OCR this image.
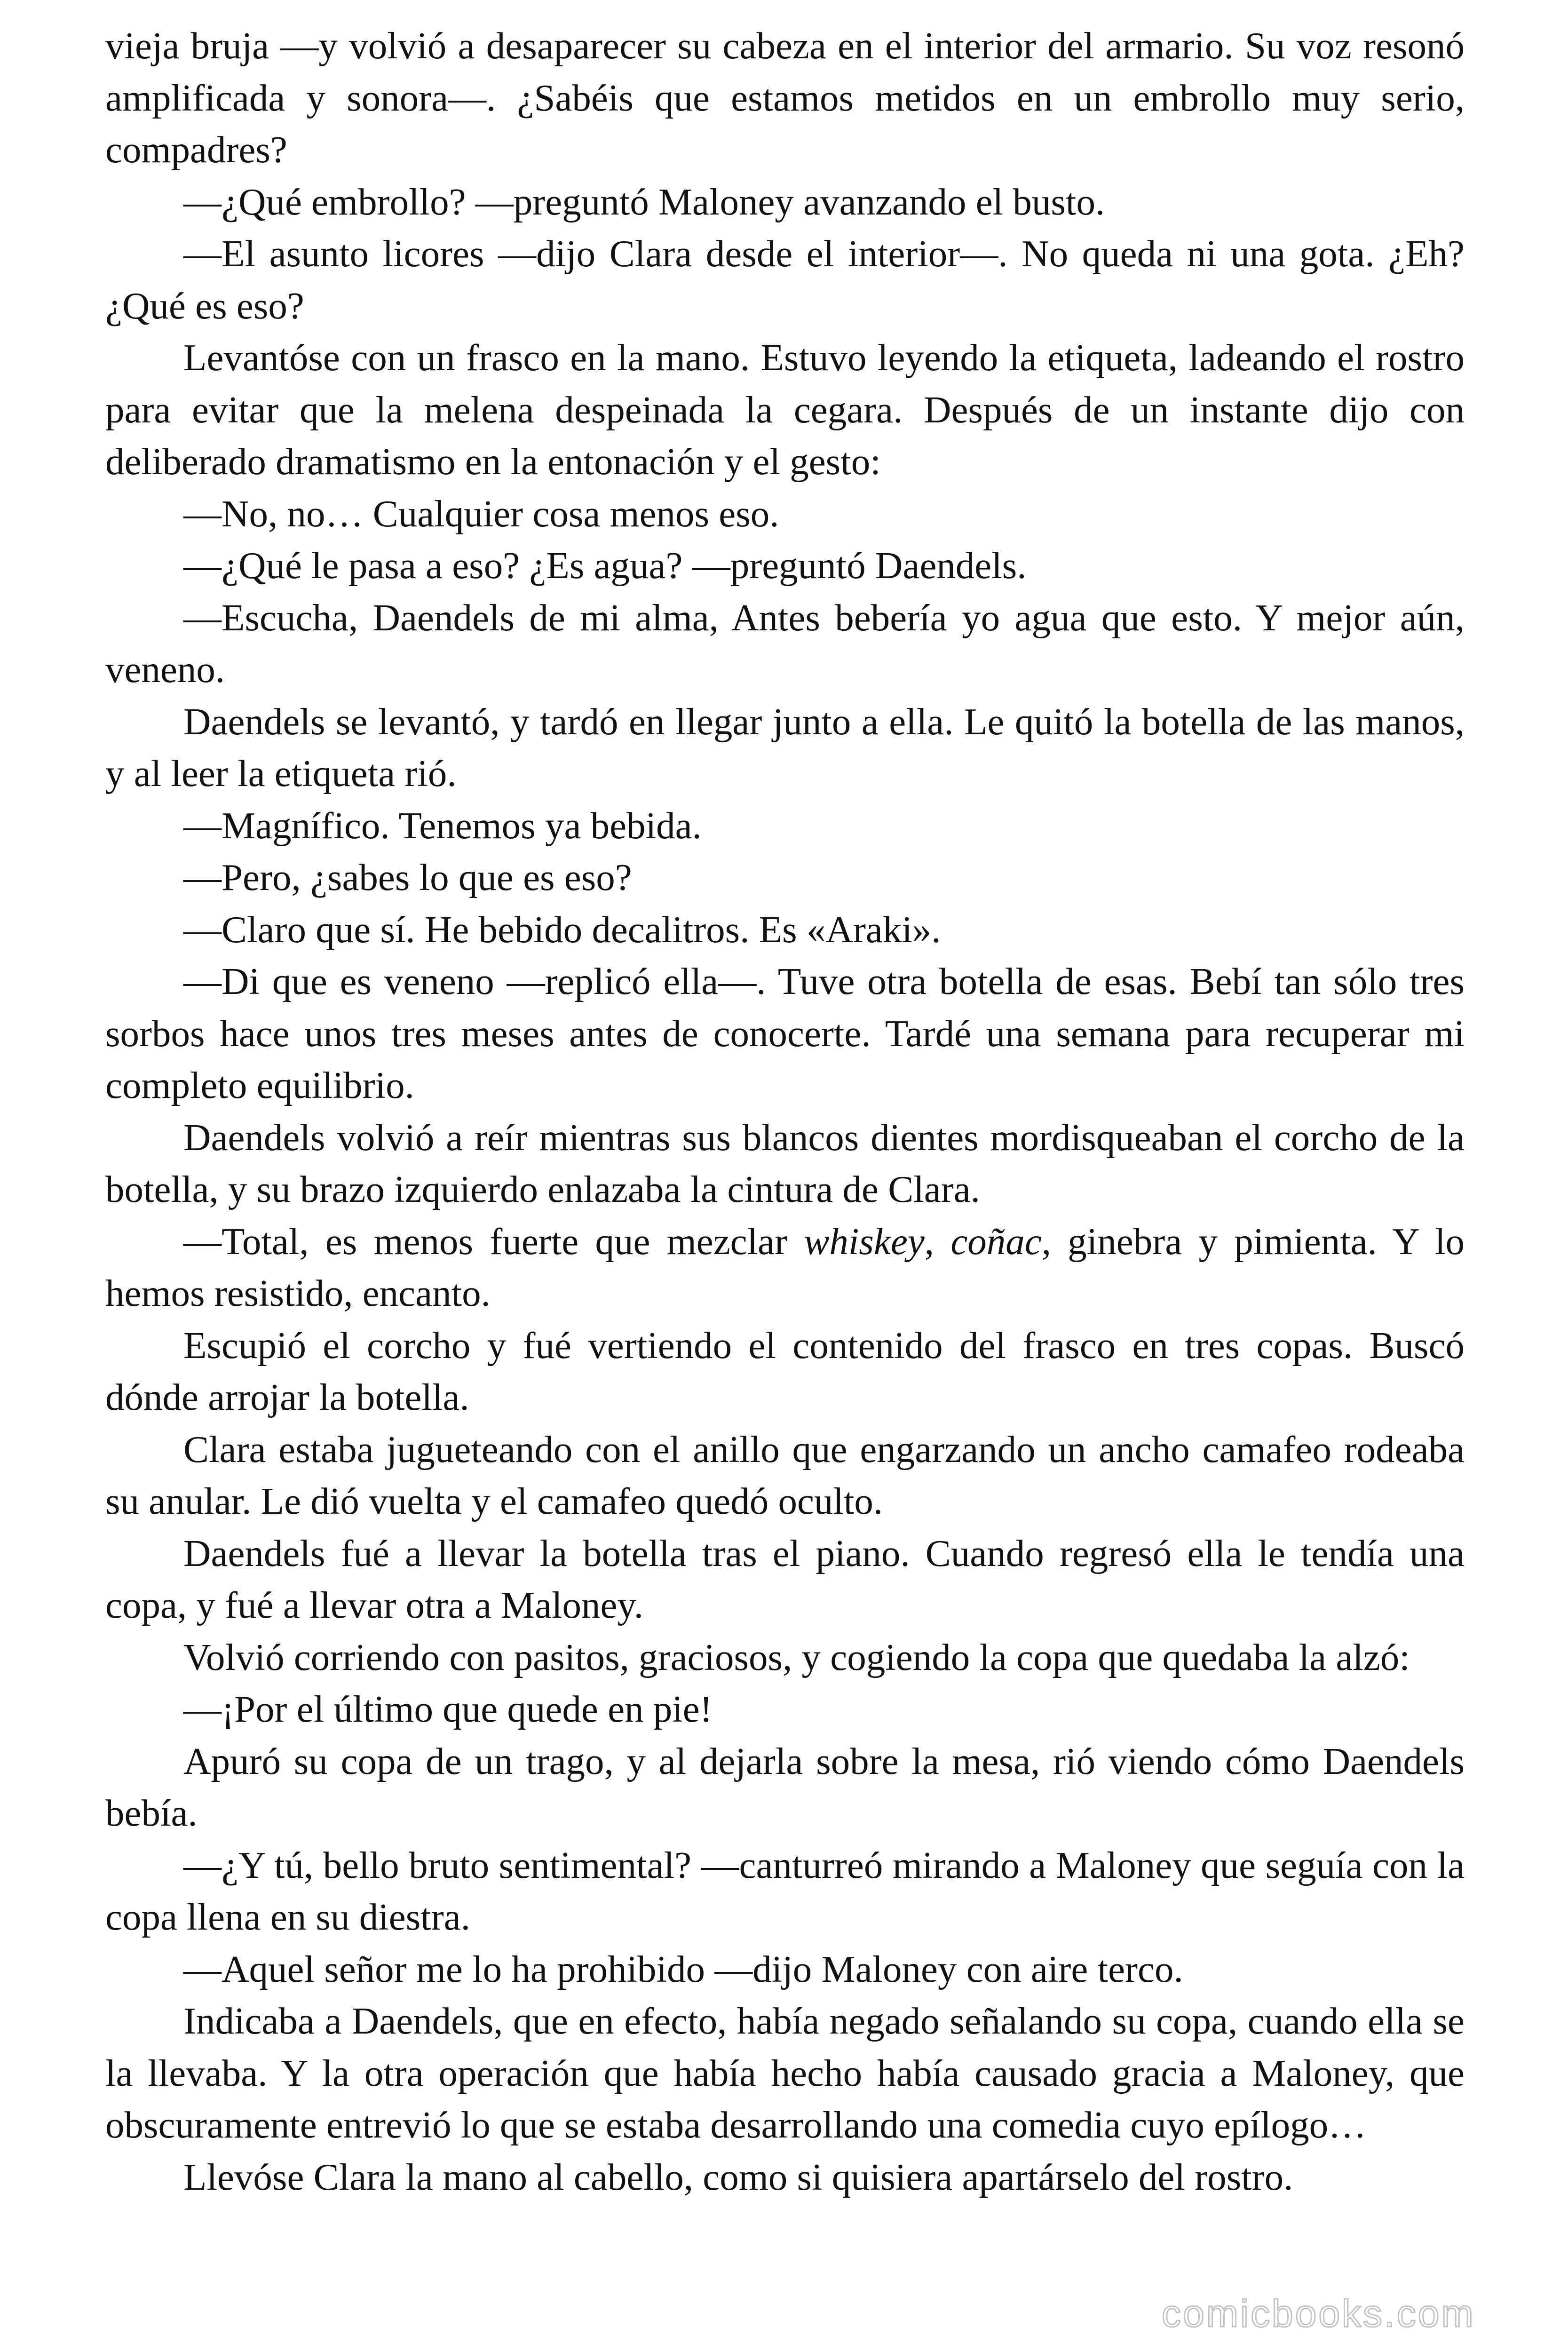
vieja bruja —y volvió a desaparecer su cabeza en el interior del armario. Su voz resonó amplificada y sonora—. ¿Sabéis que estamos metidos en un embrollo muy serio, compadres?

—¿Qué embrollo? —preguntó Maloney avanzando el busto.

—El asunto licores —dijo Clara desde el interior—. No queda ni una gota. ¿Eh? ¿Qué es eso?

Levantóse con un frasco en la mano. Estuvo leyendo la etiqueta, ladeando el rostro para evitar que la melena despeinada la cegara. Después de un instante dijo con deliberado dramatismo en la entonación y el gesto:

—No, no… Cualquier cosa menos eso.

—¿Qué le pasa a eso? ¿Es agua? —preguntó Daendels.

—Escucha, Daendels de mi alma, Antes bebería yo agua que esto. Y mejor aún, veneno.

Daendels se levantó, y tardó en llegar junto a ella. Le quitó la botella de las manos, y al leer la etiqueta rió.

—Magnífico. Tenemos ya bebida.

—Pero, ¿sabes lo que es eso?

—Claro que sí. He bebido decalitros. Es «Araki».

—Di que es veneno —replicó ella—. Tuve otra botella de esas. Bebí tan sólo tres sorbos hace unos tres meses antes de conocerte. Tardé una semana para recuperar mi completo equilibrio.

Daendels volvió a reír mientras sus blancos dientes mordisqueaban el corcho de la botella, y su brazo izquierdo enlazaba la cintura de Clara.

—Total, es menos fuerte que mezclar whiskey, coñac, ginebra y pimienta. Y lo hemos resistido, encanto.

Escupió el corcho y fué vertiendo el contenido del frasco en tres copas. Buscó dónde arrojar la botella.

Clara estaba jugueteando con el anillo que engarzando un ancho camafeo rodeaba su anular. Le dió vuelta y el camafeo quedó oculto.

Daendels fué a llevar la botella tras el piano. Cuando regresó ella le tendía una copa, y fué a llevar otra a Maloney.

Volvió corriendo con pasitos, graciosos, y cogiendo la copa que quedaba la alzó:

—¡Por el último que quede en pie!

Apuró su copa de un trago, y al dejarla sobre la mesa, rió viendo cómo Daendels bebía.

—¿Y tú, bello bruto sentimental? —canturreó mirando a Maloney que seguía con la copa llena en su diestra.

—Aquel señor me lo ha prohibido —dijo Maloney con aire terco.

Indicaba a Daendels, que en efecto, había negado señalando su copa, cuando ella se la llevaba. Y la otra operación que había hecho había causado gracia a Maloney, que obscuramente entrevió lo que se estaba desarrollando una comedia cuyo epílogo…

Llevóse Clara la mano al cabello, como si quisiera apartárselo del rostro.

comicbooks.com
